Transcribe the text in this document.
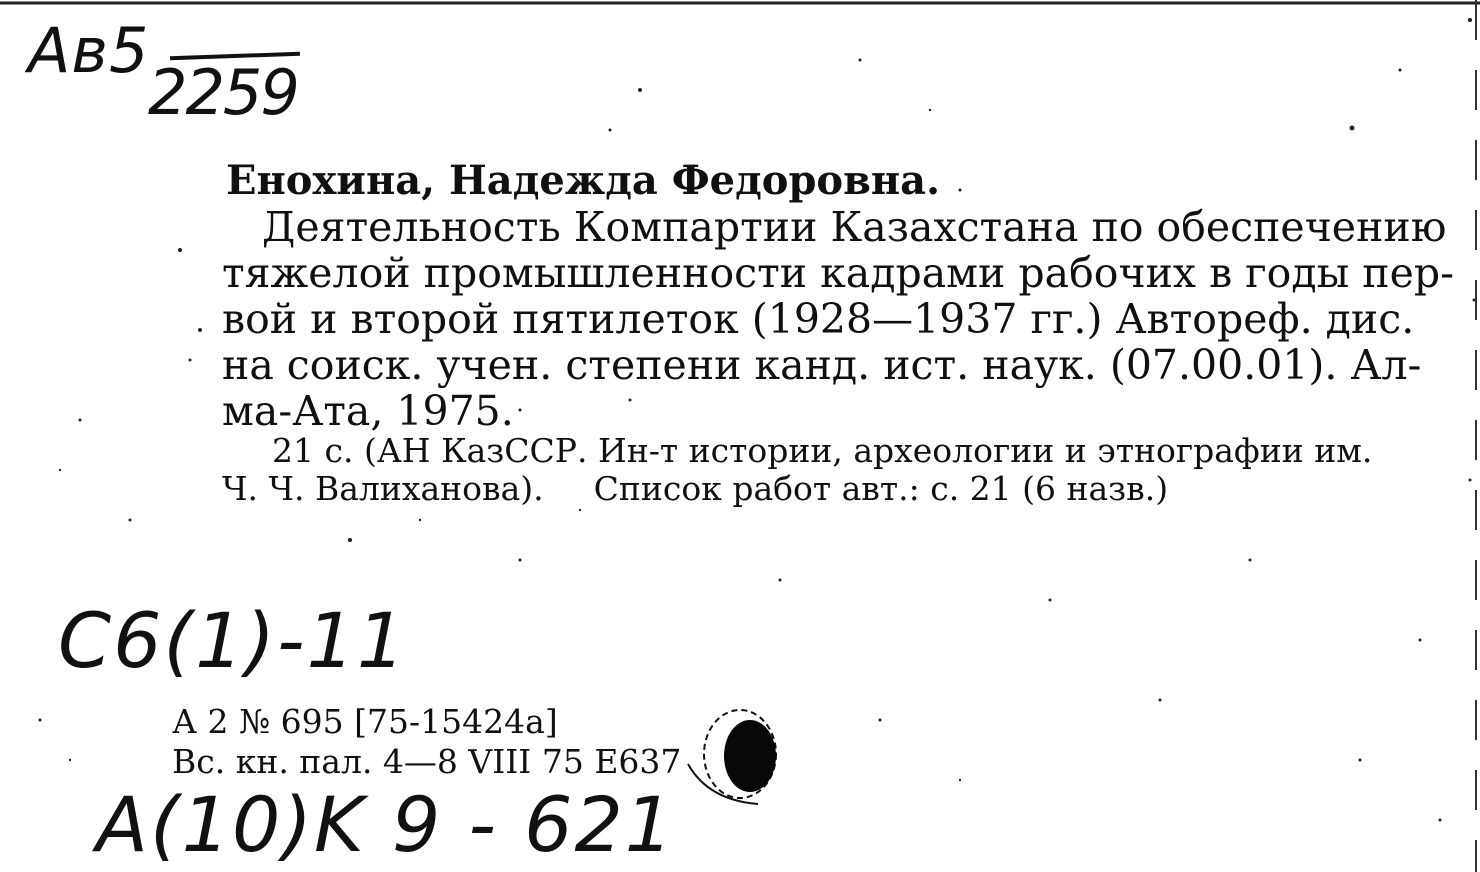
Ав5
2259

Енохина, Надежда Федоровна.

Деятельность Компартии Казахстана по обеспечению

тяжелой промышленности кадрами рабочих в годы пер-

вой и второй пятилеток (1928—1937 гг.) Автореф. дис.

на соиск. учен. степени канд. ист. наук. (07.00.01). Ал-

ма-Ата, 1975.

21 с. (АН КазССР. Ин-т истории, археологии и этнографии им.

Ч. Ч. Валиханова). Список работ авт.: с. 21 (6 назв.)

C6(1)-11
А 2 № 695 [75-15424а]
Вс. кн. пал. 4—8 VIII 75 Е637
A(10)K 9 - 621
